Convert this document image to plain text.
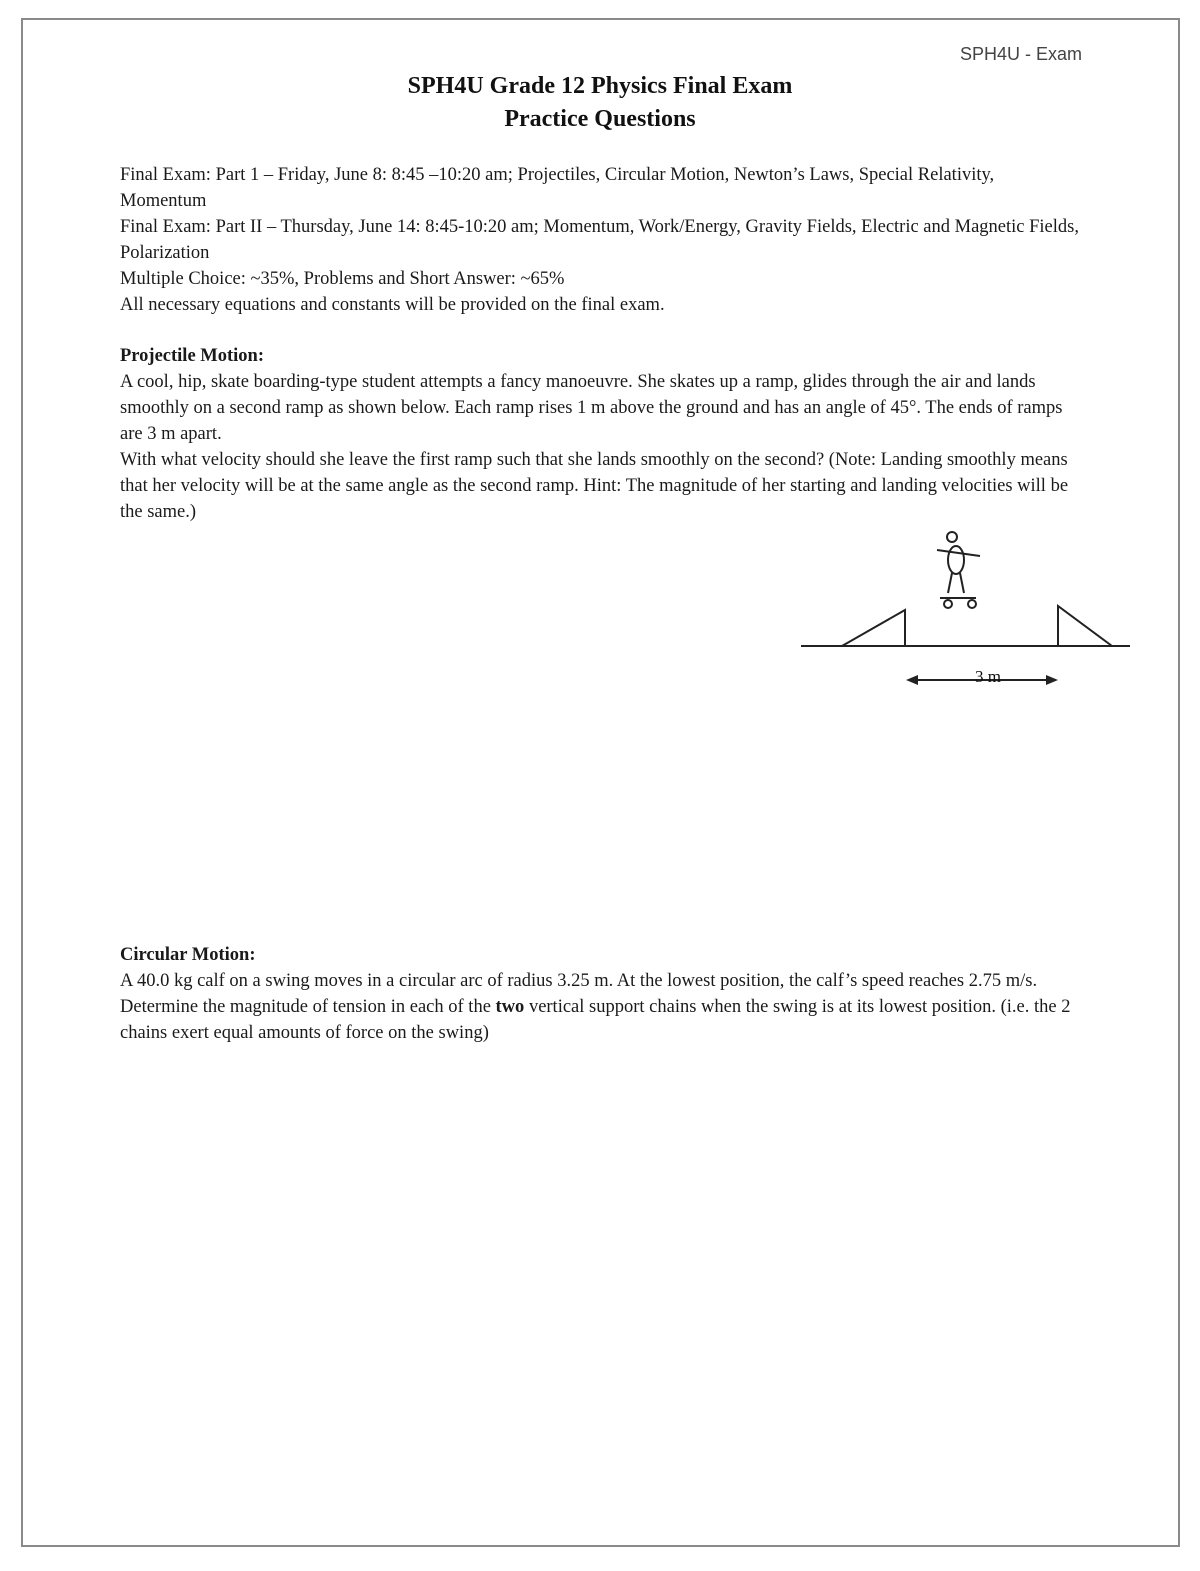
SPH4U - Exam
SPH4U Grade 12 Physics Final Exam
Practice Questions

Final Exam: Part 1 – Friday, June 8: 8:45 –10:20 am; Projectiles, Circular Motion, Newton’s Laws, Special Relativity, Momentum

Final Exam: Part II – Thursday, June 14: 8:45-10:20 am; Momentum, Work/Energy, Gravity Fields, Electric and Magnetic Fields, Polarization

Multiple Choice: ~35%, Problems and Short Answer: ~65%

All necessary equations and constants will be provided on the final exam.

Projectile Motion:

A cool, hip, skate boarding-type student attempts a fancy manoeuvre. She skates up a ramp, glides through the air and lands smoothly on a second ramp as shown below. Each ramp rises 1 m above the ground and has an angle of 45°. The ends of ramps are 3 m apart.

With what velocity should she leave the first ramp such that she lands smoothly on the second? (Note: Landing smoothly means that her velocity will be at the same angle as the second ramp. Hint: The magnitude of her starting and landing velocities will be the same.)

3 m

Circular Motion:

A 40.0 kg calf on a swing moves in a circular arc of radius 3.25 m. At the lowest position, the calf’s speed reaches 2.75 m/s. Determine the magnitude of tension in each of the two vertical support chains when the swing is at its lowest position. (i.e. the 2 chains exert equal amounts of force on the swing)
